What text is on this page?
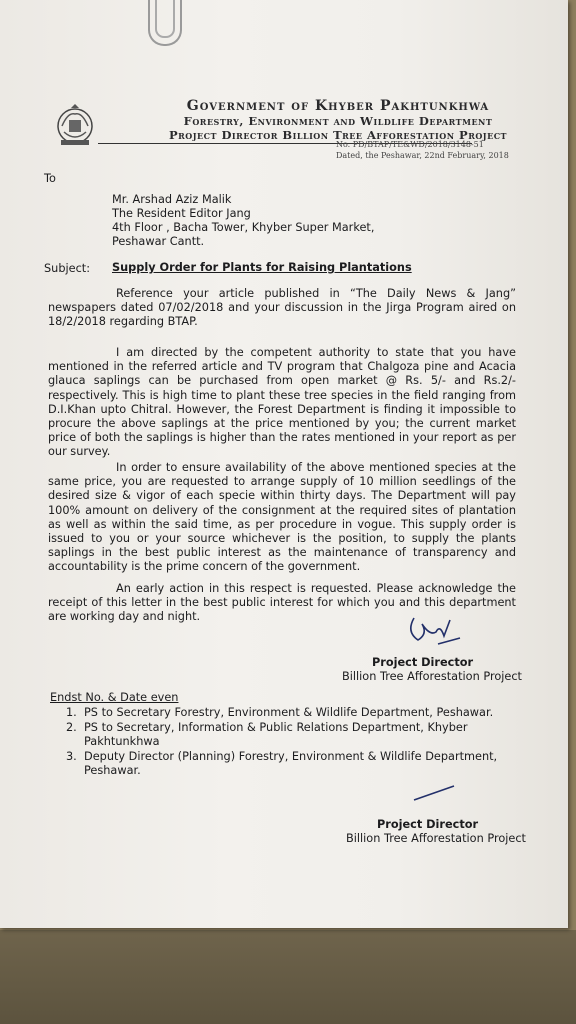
Government of Khyber Pakhtunkhwa
Forestry, Environment and Wildlife Department
Project Director Billion Tree Afforestation Project
No. PD/BTAP/TE&WD/2018/3148-51
Dated, the Peshawar, 22nd February, 2018
To
Mr. Arshad Aziz Malik
The Resident Editor Jang
4th Floor , Bacha Tower, Khyber Super Market,
Peshawar Cantt.
Subject: Supply Order for Plants for Raising Plantations

Reference your article published in “The Daily News & Jang” newspapers dated 07/02/2018 and your discussion in the Jirga Program aired on 18/2/2018 regarding BTAP.

I am directed by the competent authority to state that you have mentioned in the referred article and TV program that Chalgoza pine and Acacia glauca saplings can be purchased from open market @ Rs. 5/- and Rs.2/- respectively. This is high time to plant these tree species in the field ranging from D.I.Khan upto Chitral. However, the Forest Department is finding it impossible to procure the above saplings at the price mentioned by you; the current market price of both the saplings is higher than the rates mentioned in your report as per our survey.

In order to ensure availability of the above mentioned species at the same price, you are requested to arrange supply of 10 million seedlings of the desired size & vigor of each specie within thirty days. The Department will pay 100% amount on delivery of the consignment at the required sites of plantation as well as within the said time, as per procedure in vogue. This supply order is issued to you or your source whichever is the position, to supply the plants saplings in the best public interest as the maintenance of transparency and accountability is the prime concern of the government.

An early action in this respect is requested. Please acknowledge the receipt of this letter in the best public interest for which you and this department are working day and night.

Project Director
Billion Tree Afforestation Project
Endst No. & Date even
1. PS to Secretary Forestry, Environment & Wildlife Department, Peshawar.
2. PS to Secretary, Information & Public Relations Department, Khyber Pakhtunkhwa
3. Deputy Director (Planning) Forestry, Environment & Wildlife Department, Peshawar.
Project Director
Billion Tree Afforestation Project
